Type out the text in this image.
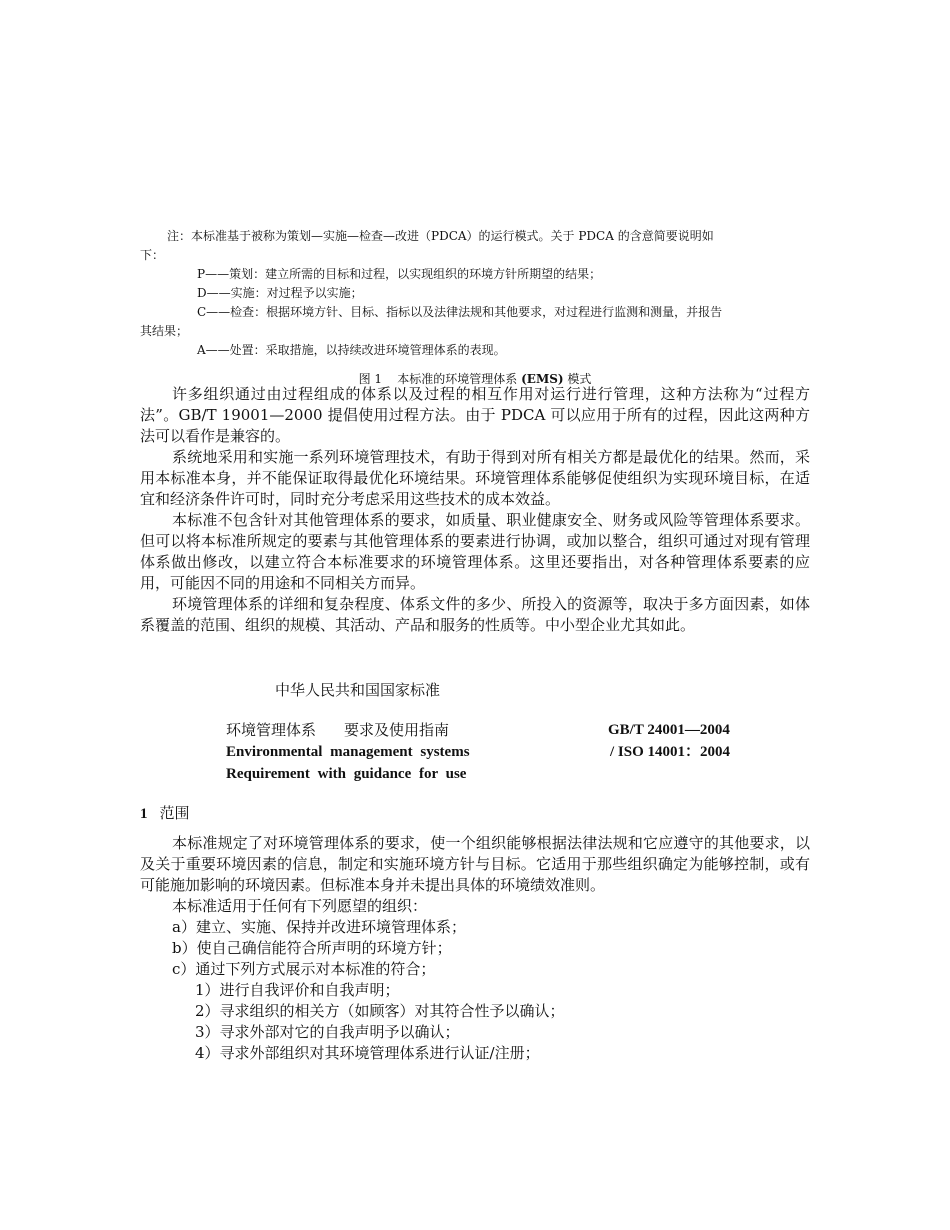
注：本标准基于被称为策划—实施—检查—改进（PDCA）的运行模式。关于 PDCA 的含意简要说明如

下：

P——策划：建立所需的目标和过程，以实现组织的环境方针所期望的结果；

D——实施：对过程予以实施；

C——检查：根据环境方针、目标、指标以及法律法规和其他要求，对过程进行监测和测量，并报告

其结果；

A——处置：采取措施，以持续改进环境管理体系的表现。

图 1 本标准的环境管理体系 (EMS) 模式

许多组织通过由过程组成的体系以及过程的相互作用对运行进行管理，这种方法称为“过程方法”。GB/T 19001—2000 提倡使用过程方法。由于 PDCA 可以应用于所有的过程，因此这两种方法可以看作是兼容的。

系统地采用和实施一系列环境管理技术，有助于得到对所有相关方都是最优化的结果。然而，采用本标准本身，并不能保证取得最优化环境结果。环境管理体系能够促使组织为实现环境目标，在适宜和经济条件许可时，同时充分考虑采用这些技术的成本效益。

本标准不包含针对其他管理体系的要求，如质量、职业健康安全、财务或风险等管理体系要求。但可以将本标准所规定的要素与其他管理体系的要素进行协调，或加以整合，组织可通过对现有管理体系做出修改，以建立符合本标准要求的环境管理体系。这里还要指出，对各种管理体系要素的应用，可能因不同的用途和不同相关方而异。

环境管理体系的详细和复杂程度、体系文件的多少、所投入的资源等，取决于多方面因素，如体系覆盖的范围、组织的规模、其活动、产品和服务的性质等。中小型企业尤其如此。

中华人民共和国国家标准
环境管理体系 要求及使用指南
Environmental management systems
Requirement with guidance for use
GB/T 24001—2004
/ ISO 14001：2004
1 范围

本标准规定了对环境管理体系的要求，使一个组织能够根据法律法规和它应遵守的其他要求，以及关于重要环境因素的信息，制定和实施环境方针与目标。它适用于那些组织确定为能够控制，或有可能施加影响的环境因素。但标准本身并未提出具体的环境绩效准则。

本标准适用于任何有下列愿望的组织：

a）建立、实施、保持并改进环境管理体系；

b）使自己确信能符合所声明的环境方针；

c）通过下列方式展示对本标准的符合；

1）进行自我评价和自我声明；

2）寻求组织的相关方（如顾客）对其符合性予以确认；

3）寻求外部对它的自我声明予以确认；

4）寻求外部组织对其环境管理体系进行认证/注册；
